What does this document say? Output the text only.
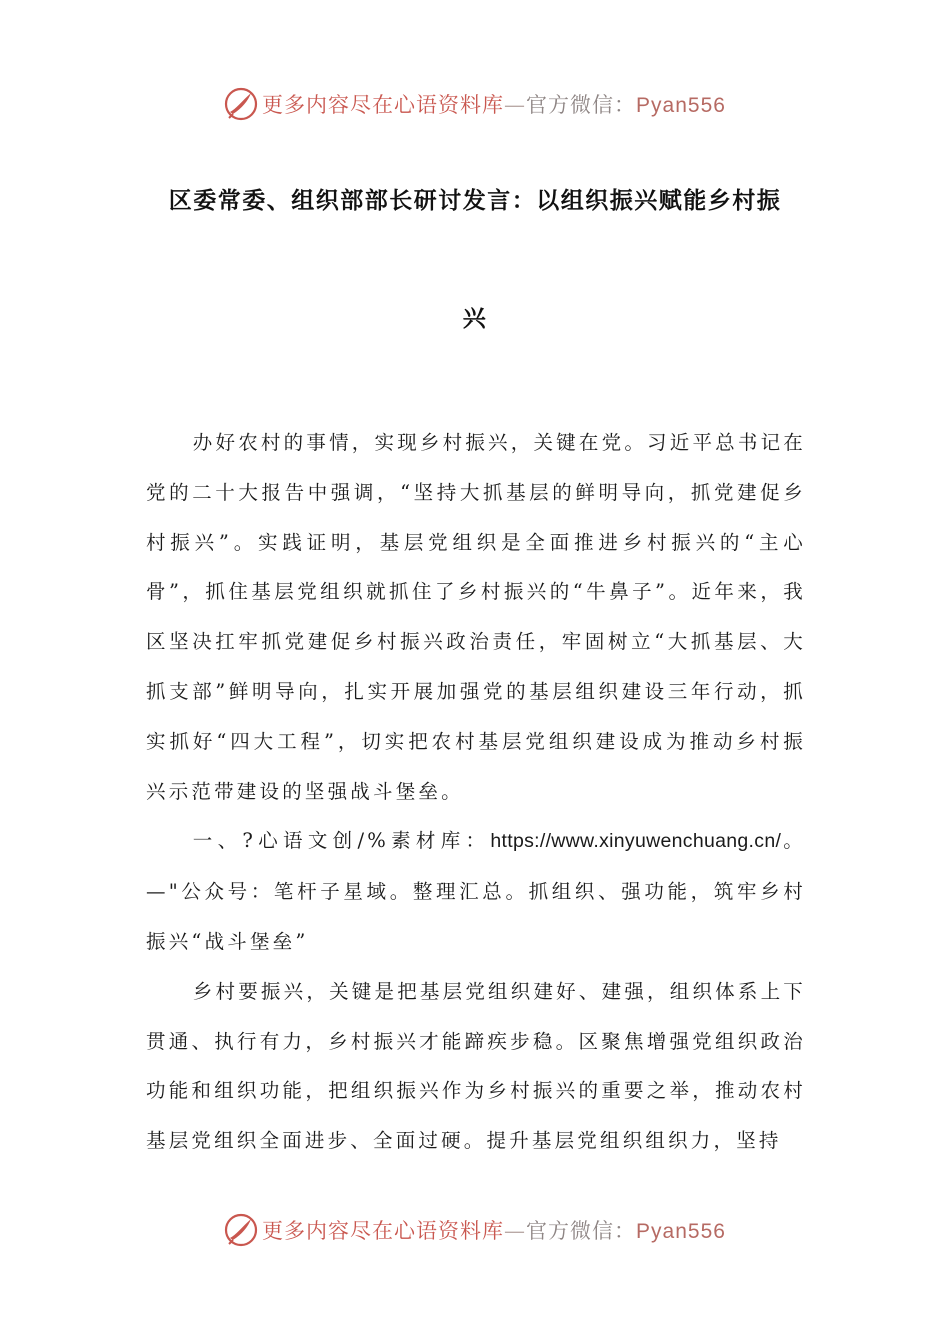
更多内容尽在心语资料库—官方微信：Pyan556
区委常委、组织部部长研讨发言：以组织振兴赋能乡村振
兴

办好农村的事情，实现乡村振兴，关键在党。习近平总书记在党的二十大报告中强调，“坚持大抓基层的鲜明导向，抓党建促乡村振兴”。实践证明，基层党组织是全面推进乡村振兴的“主心骨”，抓住基层党组织就抓住了乡村振兴的“牛鼻子”。近年来，我区坚决扛牢抓党建促乡村振兴政治责任，牢固树立“大抓基层、大抓支部”鲜明导向，扎实开展加强党的基层组织建设三年行动，抓实抓好“四大工程”，切实把农村基层党组织建设成为推动乡村振兴示范带建设的坚强战斗堡垒。

一、?心语文创/%素材库：https://www.xinyuwenchuang.cn/。—"公众号：笔杆子星域。整理汇总。抓组织、强功能，筑牢乡村振兴“战斗堡垒”

乡村要振兴，关键是把基层党组织建好、建强，组织体系上下贯通、执行有力，乡村振兴才能蹄疾步稳。区聚焦增强党组织政治功能和组织功能，把组织振兴作为乡村振兴的重要之举，推动农村基层党组织全面进步、全面过硬。提升基层党组织组织力，坚持

更多内容尽在心语资料库—官方微信：Pyan556
